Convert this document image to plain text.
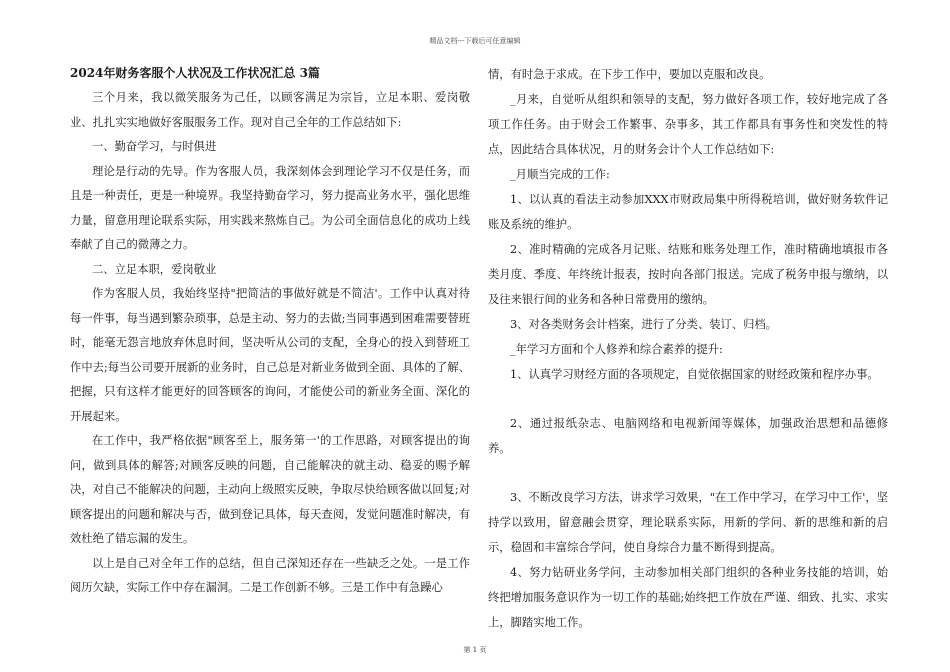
精品文档---下载后可任意编辑

2024年财务客服个人状况及工作状况汇总 3篇

三个月来，我以微笑服务为己任，以顾客满足为宗旨，立足本职、爱岗敬业、扎扎实实地做好客服服务工作。现对自己全年的工作总结如下:

一、勤奋学习，与时俱进

理论是行动的先导。作为客服人员，我深刻体会到理论学习不仅是任务，而且是一种责任，更是一种境界。我坚持勤奋学习，努力提高业务水平，强化思维力量，留意用理论联系实际，用实践来熬炼自己。为公司全面信息化的成功上线奉献了自己的微薄之力。

二、立足本职，爱岗敬业

作为客服人员，我始终坚持"把简洁的事做好就是不简洁'。工作中认真对待每一件事，每当遇到繁杂琐事，总是主动、努力的去做;当同事遇到困难需要替班时，能毫无怨言地放弃休息时间，坚决听从公司的支配，全身心的投入到替班工作中去;每当公司要开展新的业务时，自己总是对新业务做到全面、具体的了解、把握，只有这样才能更好的回答顾客的询问，才能使公司的新业务全面、深化的开展起来。

在工作中，我严格依据"顾客至上，服务第一'的工作思路，对顾客提出的询问，做到具体的解答;对顾客反映的问题，自己能解决的就主动、稳妥的赐予解决，对自己不能解决的问题，主动向上级照实反映，争取尽快给顾客做以回复;对顾客提出的问题和解决与否，做到登记具体，每天查阅，发觉问题准时解决，有效杜绝了错忘漏的发生。

以上是自己对全年工作的总结，但自己深知还存在一些缺乏之处。一是工作阅历欠缺，实际工作中存在漏洞。二是工作创新不够。三是工作中有急躁心

情，有时急于求成。在下步工作中，要加以克服和改良。

_月来，自觉听从组织和领导的支配，努力做好各项工作，较好地完成了各项工作任务。由于财会工作繁事、杂事多，其工作都具有事务性和突发性的特点，因此结合具体状况，月的财务会计个人工作总结如下:

_月顺当完成的工作:

1、以认真的看法主动参加XXX市财政局集中所得税培训，做好财务软件记账及系统的维护。

2、准时精确的完成各月记账、结账和账务处理工作，准时精确地填报市各类月度、季度、年终统计报表，按时向各部门报送。完成了税务申报与缴纳，以及往来银行间的业务和各种日常费用的缴纳。

3、对各类财务会计档案，进行了分类、装订、归档。

_年学习方面和个人修养和综合素养的提升:

1、认真学习财经方面的各项规定，自觉依据国家的财经政策和程序办事。

2、通过报纸杂志、电脑网络和电视新闻等媒体，加强政治思想和品德修养。

3、不断改良学习方法，讲求学习效果，"在工作中学习，在学习中工作'，坚持学以致用，留意融会贯穿，理论联系实际，用新的学问、新的思维和新的启示，稳固和丰富综合学问，使自身综合力量不断得到提高。

4、努力钻研业务学问，主动参加相关部门组织的各种业务技能的培训，始终把增加服务意识作为一切工作的基础;始终把工作放在严谨、细致、扎实、求实上，脚踏实地工作。

第 1 页
